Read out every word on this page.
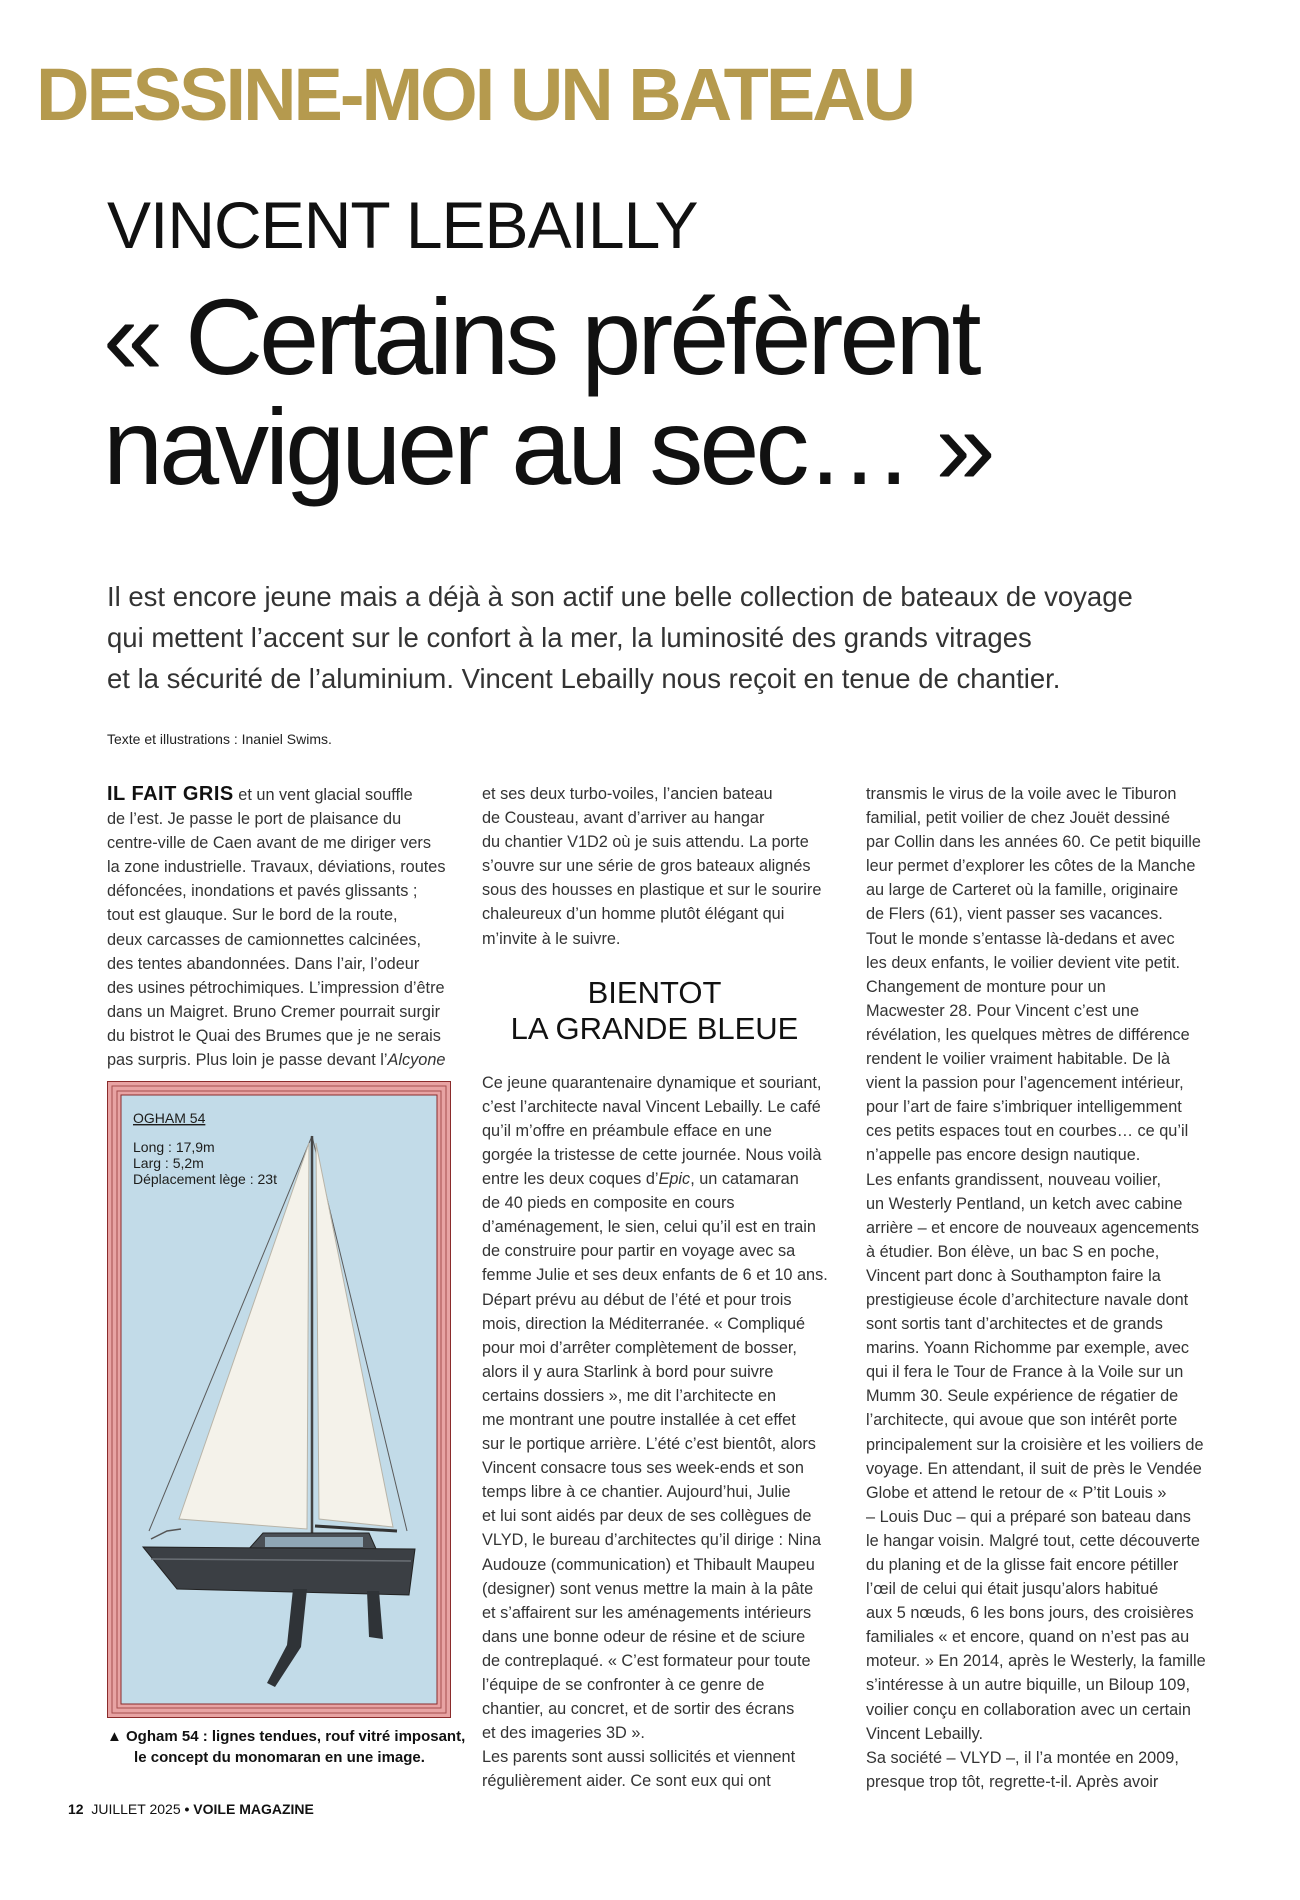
DESSINE-MOI UN BATEAU
VINCENT LEBAILLY
« Certains préfèrent
naviguer au sec… »
Il est encore jeune mais a déjà à son actif une belle collection de bateaux de voyage
qui mettent l’accent sur le confort à la mer, la luminosité des grands vitrages
et la sécurité de l’aluminium. Vincent Lebailly nous reçoit en tenue de chantier.
Texte et illustrations : Inaniel Swims.
IL FAIT GRIS et un vent glacial souffle
de l’est. Je passe le port de plaisance du
centre-ville de Caen avant de me diriger vers
la zone industrielle. Travaux, déviations, routes
défoncées, inondations et pavés glissants ;
tout est glauque. Sur le bord de la route,
deux carcasses de camionnettes calcinées,
des tentes abandonnées. Dans l’air, l’odeur
des usines pétrochimiques. L’impression d’être
dans un Maigret. Bruno Cremer pourrait surgir
du bistrot le Quai des Brumes que je ne serais
pas surpris. Plus loin je passe devant l’Alcyone
OGHAM 54
Long : 17,9m
Larg : 5,2m
Déplacement lège : 23t
▲ Ogham 54 : lignes tendues, rouf vitré imposant,
le concept du monomaran en une image.
et ses deux turbo-voiles, l’ancien bateau
de Cousteau, avant d’arriver au hangar
du chantier V1D2 où je suis attendu. La porte
s’ouvre sur une série de gros bateaux alignés
sous des housses en plastique et sur le sourire
chaleureux d’un homme plutôt élégant qui
m’invite à le suivre.
BIENTOT
LA GRANDE BLEUE
Ce jeune quarantenaire dynamique et souriant,
c’est l’architecte naval Vincent Lebailly. Le café
qu’il m’offre en préambule efface en une
gorgée la tristesse de cette journée. Nous voilà
entre les deux coques d’Epic, un catamaran
de 40 pieds en composite en cours
d’aménagement, le sien, celui qu’il est en train
de construire pour partir en voyage avec sa
femme Julie et ses deux enfants de 6 et 10 ans.
Départ prévu au début de l’été et pour trois
mois, direction la Méditerranée. « Compliqué
pour moi d’arrêter complètement de bosser,
alors il y aura Starlink à bord pour suivre
certains dossiers », me dit l’architecte en
me montrant une poutre installée à cet effet
sur le portique arrière. L’été c’est bientôt, alors
Vincent consacre tous ses week-ends et son
temps libre à ce chantier. Aujourd’hui, Julie
et lui sont aidés par deux de ses collègues de
VLYD, le bureau d’architectes qu’il dirige : Nina
Audouze (communication) et Thibault Maupeu
(designer) sont venus mettre la main à la pâte
et s’affairent sur les aménagements intérieurs
dans une bonne odeur de résine et de sciure
de contreplaqué. « C’est formateur pour toute
l’équipe de se confronter à ce genre de
chantier, au concret, et de sortir des écrans
et des imageries 3D ».
Les parents sont aussi sollicités et viennent
régulièrement aider. Ce sont eux qui ont
transmis le virus de la voile avec le Tiburon
familial, petit voilier de chez Jouët dessiné
par Collin dans les années 60. Ce petit biquille
leur permet d’explorer les côtes de la Manche
au large de Carteret où la famille, originaire
de Flers (61), vient passer ses vacances.
Tout le monde s’entasse là-dedans et avec
les deux enfants, le voilier devient vite petit.
Changement de monture pour un
Macwester 28. Pour Vincent c’est une
révélation, les quelques mètres de différence
rendent le voilier vraiment habitable. De là
vient la passion pour l’agencement intérieur,
pour l’art de faire s’imbriquer intelligemment
ces petits espaces tout en courbes… ce qu’il
n’appelle pas encore design nautique.
Les enfants grandissent, nouveau voilier,
un Westerly Pentland, un ketch avec cabine
arrière – et encore de nouveaux agencements
à étudier. Bon élève, un bac S en poche,
Vincent part donc à Southampton faire la
prestigieuse école d’architecture navale dont
sont sortis tant d’architectes et de grands
marins. Yoann Richomme par exemple, avec
qui il fera le Tour de France à la Voile sur un
Mumm 30. Seule expérience de régatier de
l’architecte, qui avoue que son intérêt porte
principalement sur la croisière et les voiliers de
voyage. En attendant, il suit de près le Vendée
Globe et attend le retour de « P’tit Louis »
– Louis Duc – qui a préparé son bateau dans
le hangar voisin. Malgré tout, cette découverte
du planing et de la glisse fait encore pétiller
l’œil de celui qui était jusqu’alors habitué
aux 5 nœuds, 6 les bons jours, des croisières
familiales « et encore, quand on n’est pas au
moteur. » En 2014, après le Westerly, la famille
s’intéresse à un autre biquille, un Biloup 109,
voilier conçu en collaboration avec un certain
Vincent Lebailly.
Sa société – VLYD –, il l’a montée en 2009,
presque trop tôt, regrette-t-il. Après avoir
12 JUILLET 2025 • VOILE MAGAZINE
